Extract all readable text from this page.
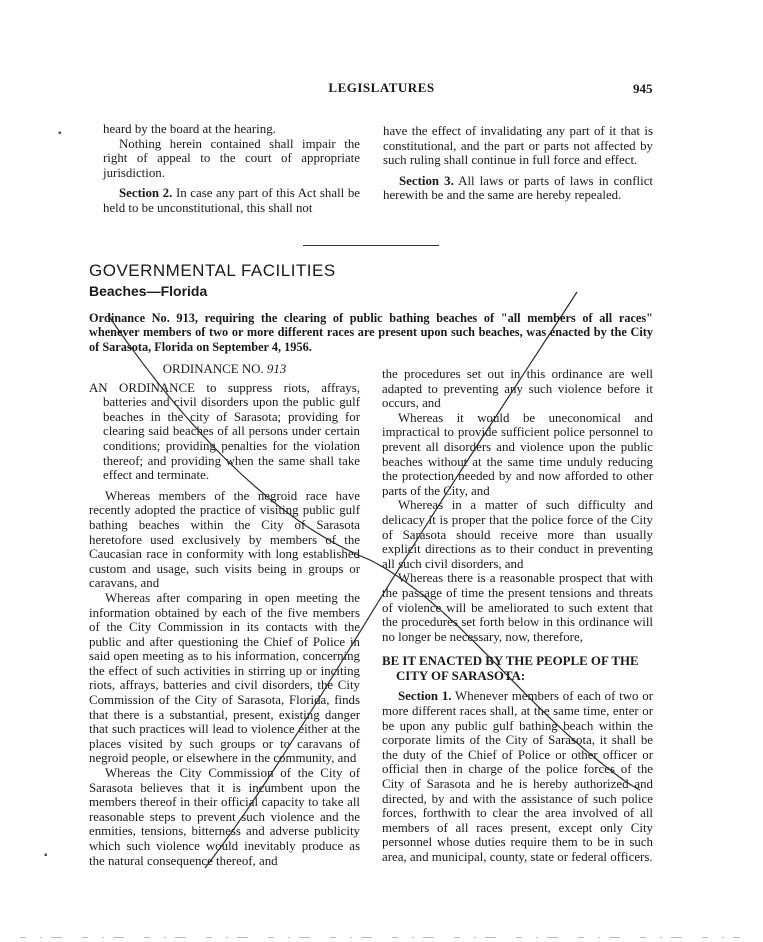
LEGISLATURES	945
▪
▪

heard by the board at the hearing.

Nothing herein contained shall impair the right of appeal to the court of appropriate jurisdiction.

Section 2. In case any part of this Act shall be held to be unconstitutional, this shall not

have the effect of invalidating any part of it that is constitutional, and the part or parts not affected by such ruling shall continue in full force and effect.

Section 3. All laws or parts of laws in conflict herewith be and the same are hereby repealed.

GOVERNMENTAL FACILITIES
Beaches—Florida
Ordinance No. 913, requiring the clearing of public bathing beaches of "all members of all races" whenever members of two or more different races are present upon such beaches, was enacted by the City of Sarasota, Florida on September 4, 1956.

ORDINANCE NO. 913

AN ORDINANCE to suppress riots, affrays, batteries and civil disorders upon the public gulf beaches in the city of Sarasota; providing for clearing said beaches of all persons under certain conditions; providing penalties for the violation thereof; and providing when the same shall take effect and terminate.

Whereas members of the negroid race have recently adopted the practice of visiting public gulf bathing beaches within the City of Sarasota heretofore used exclusively by members of the Caucasian race in conformity with long established custom and usage, such visits being in groups or caravans, and

Whereas after comparing in open meeting the information obtained by each of the five members of the City Commission in its contacts with the public and after questioning the Chief of Police in said open meeting as to his information, concerning the effect of such activities in stirring up or inciting riots, affrays, batteries and civil disorders, the City Commission of the City of Sarasota, Florida, finds that there is a substantial, present, existing danger that such practices will lead to violence either at the places visited by such groups or to caravans of negroid people, or elsewhere in the community, and

Whereas the City Commission of the City of Sarasota believes that it is incumbent upon the members thereof in their official capacity to take all reasonable steps to prevent such violence and the enmities, tensions, bitterness and adverse publicity which such violence would inevitably produce as the natural consequence thereof, and

the procedures set out in this ordinance are well adapted to preventing any such violence before it occurs, and

Whereas it would be uneconomical and impractical to provide sufficient police personnel to prevent all disorders and violence upon the public beaches without at the same time unduly reducing the protection needed by and now afforded to other parts of the City, and

Whereas in a matter of such difficulty and delicacy it is proper that the police force of the City of Sarasota should receive more than usually explicit directions as to their conduct in preventing all such civil disorders, and

Whereas there is a reasonable prospect that with the passage of time the present tensions and threats of violence will be ameliorated to such extent that the procedures set forth below in this ordinance will no longer be necessary, now, therefore,

BE IT ENACTED BY THE PEOPLE OF THE CITY OF SARASOTA:

Section 1. Whenever members of each of two or more different races shall, at the same time, enter or be upon any public gulf bathing beach within the corporate limits of the City of Sarasota, it shall be the duty of the Chief of Police or other officer or official then in charge of the police forces of the City of Sarasota and he is hereby authorized and directed, by and with the assistance of such police forces, forthwith to clear the area involved of all members of all races present, except only City personnel whose duties require them to be in such area, and municipal, county, state or federal officers.
